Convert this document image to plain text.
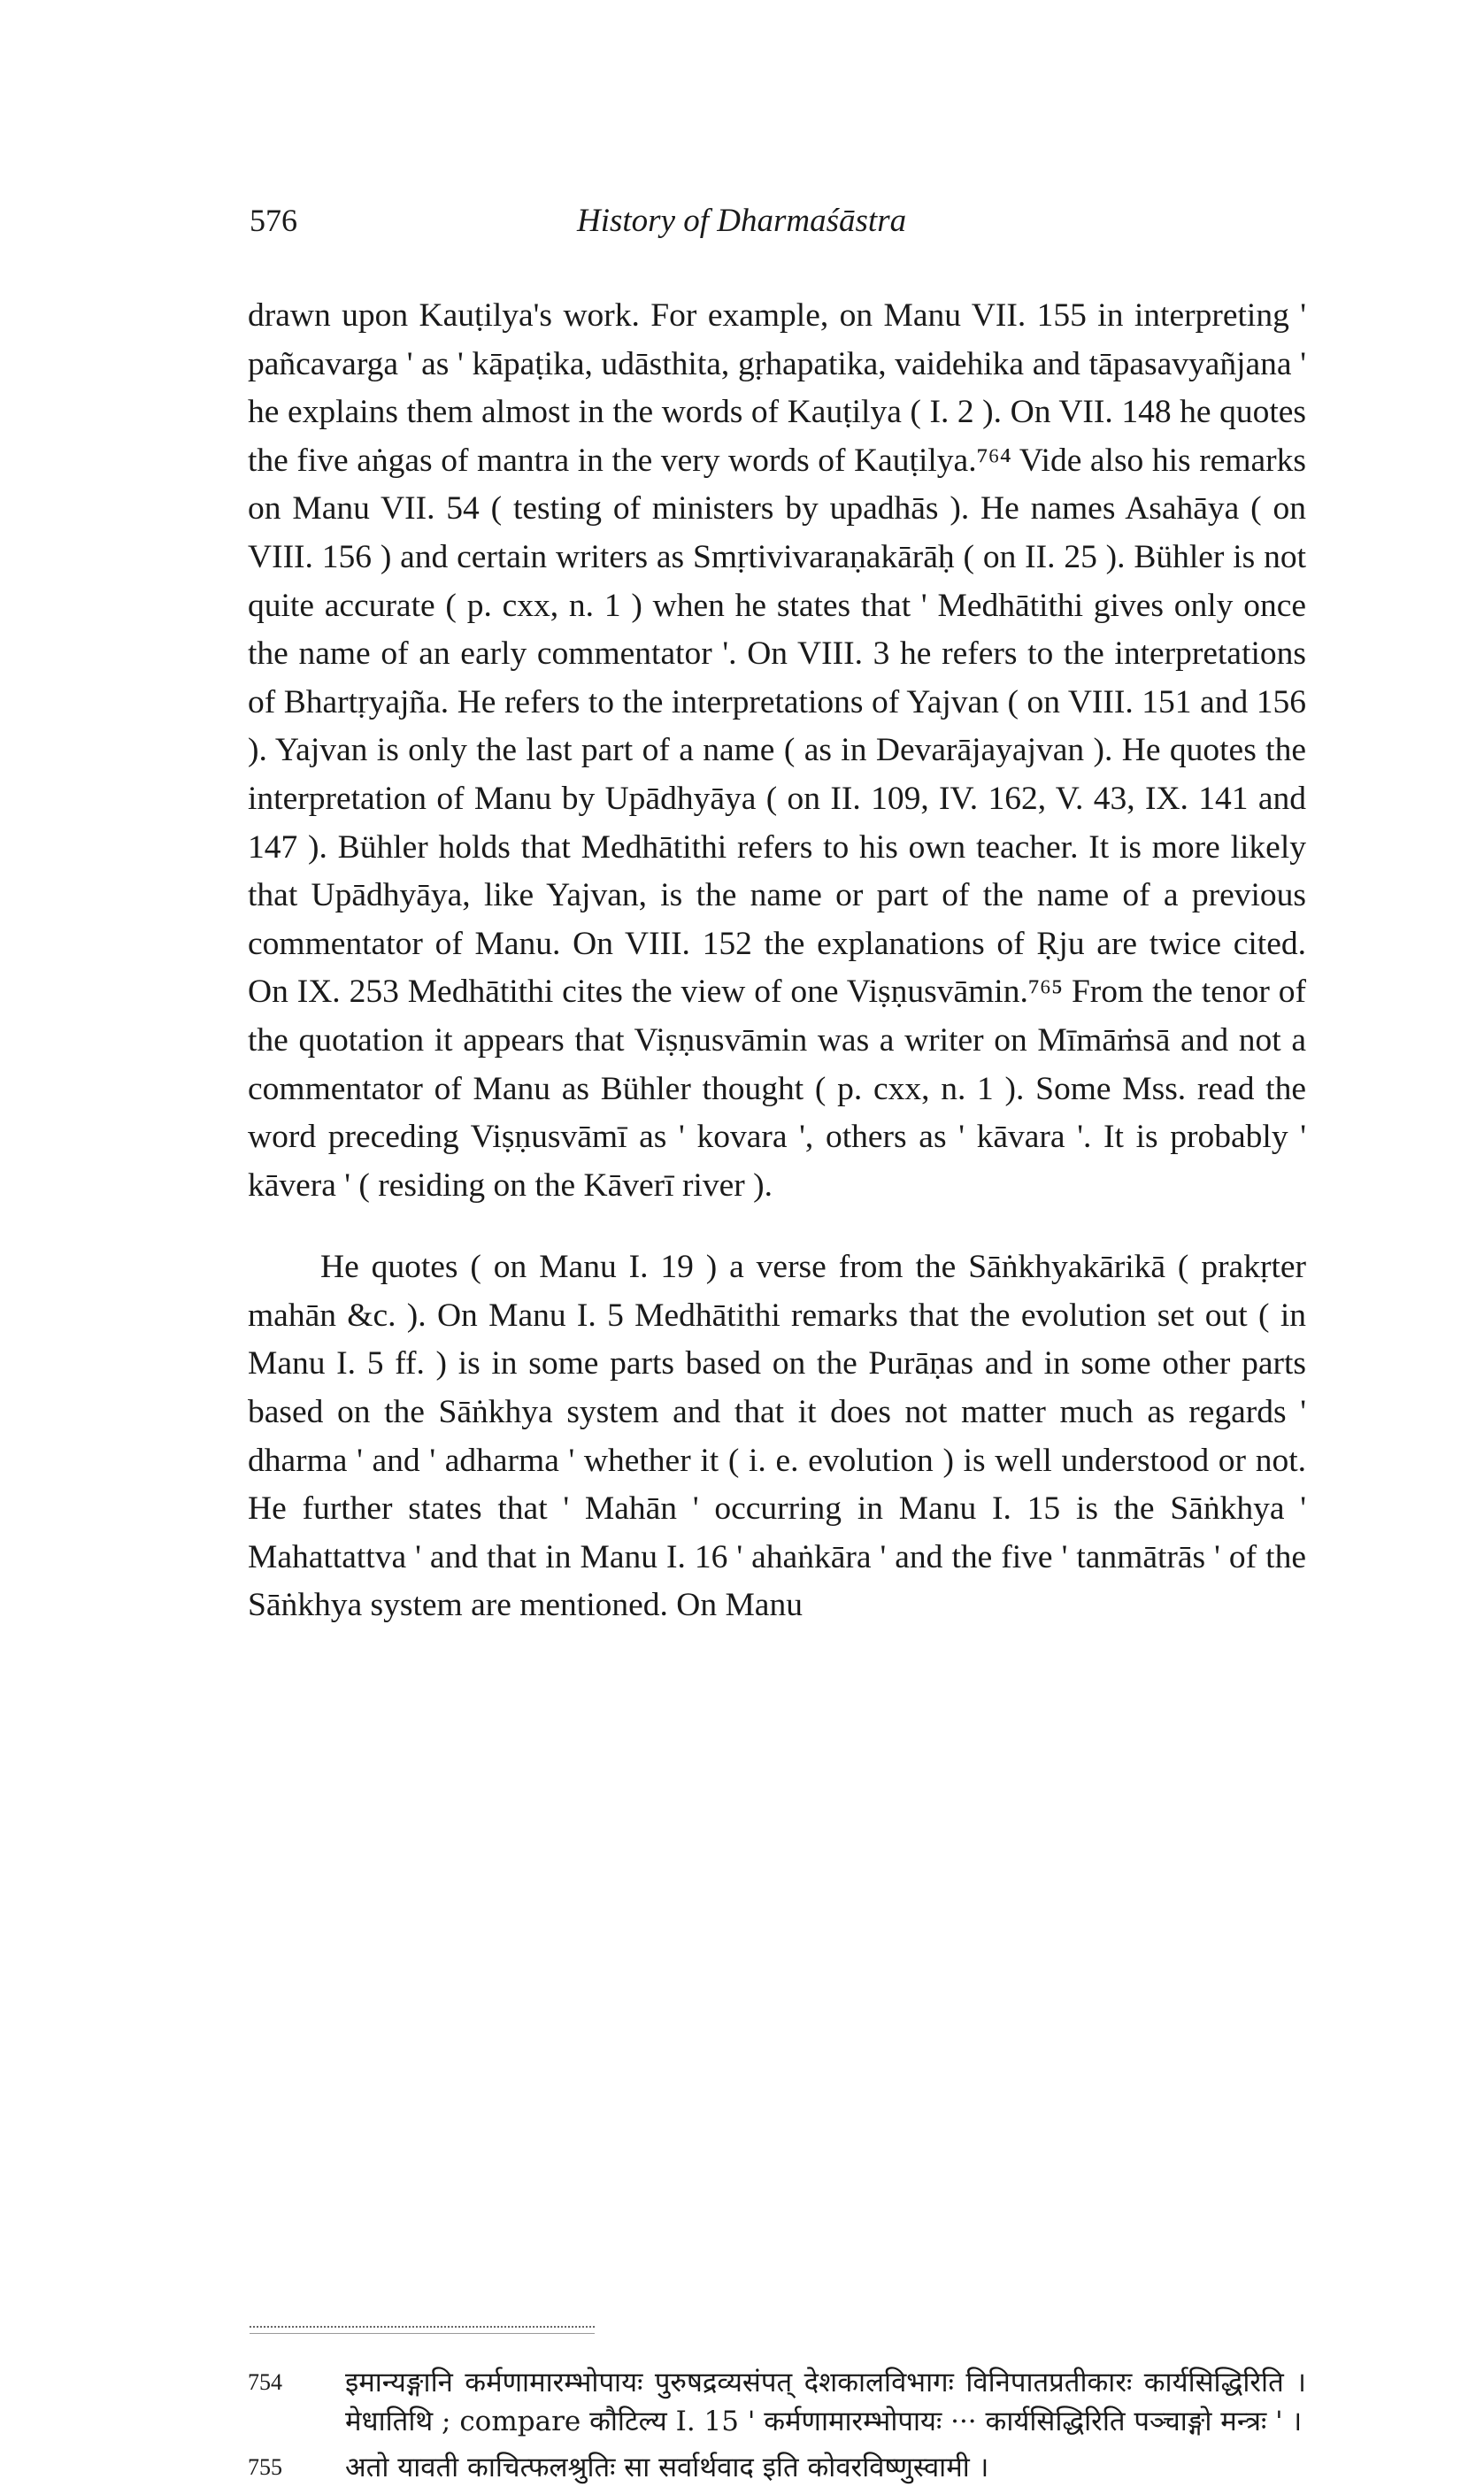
576	History of Dharmaśāstra

drawn upon Kauṭilya's work. For example, on Manu VII. 155 in interpreting ' pañcavarga ' as ' kāpaṭika, udāsthita, gṛhapatika, vaidehika and tāpasavyañjana ' he explains them almost in the words of Kauṭilya ( I. 2 ). On VII. 148 he quotes the five aṅgas of mantra in the very words of Kauṭilya.⁷⁶⁴ Vide also his remarks on Manu VII. 54 ( testing of ministers by upadhās ). He names Asahāya ( on VIII. 156 ) and certain writers as Smṛtivivaraṇakārāḥ ( on II. 25 ). Bühler is not quite accurate ( p. cxx, n. 1 ) when he states that ' Medhātithi gives only once the name of an early commentator '. On VIII. 3 he refers to the interpretations of Bhartṛyajña. He refers to the interpretations of Yajvan ( on VIII. 151 and 156 ). Yajvan is only the last part of a name ( as in Devarājayajvan ). He quotes the interpretation of Manu by Upādhyāya ( on II. 109, IV. 162, V. 43, IX. 141 and 147 ). Bühler holds that Medhātithi refers to his own teacher. It is more likely that Upādhyāya, like Yajvan, is the name or part of the name of a previous commentator of Manu. On VIII. 152 the explanations of Ṛju are twice cited. On IX. 253 Medhātithi cites the view of one Viṣṇusvāmin.⁷⁶⁵ From the tenor of the quotation it appears that Viṣṇusvāmin was a writer on Mīmāṁsā and not a commentator of Manu as Bühler thought ( p. cxx, n. 1 ). Some Mss. read the word preceding Viṣṇusvāmī as ' kovara ', others as ' kāvara '. It is probably ' kāvera ' ( residing on the Kāverī river ).

He quotes ( on Manu I. 19 ) a verse from the Sāṅkhyakārikā ( prakṛter mahān &c. ). On Manu I. 5 Medhātithi remarks that the evolution set out ( in Manu I. 5 ff. ) is in some parts based on the Purāṇas and in some other parts based on the Sāṅkhya system and that it does not matter much as regards ' dharma ' and ' adharma ' whether it ( i. e. evolution ) is well understood or not. He further states that ' Mahān ' occurring in Manu I. 15 is the Sāṅkhya ' Mahattattva ' and that in Manu I. 16 ' ahaṅkāra ' and the five ' tanmātrās ' of the Sāṅkhya system are mentioned. On Manu

754 इमान्यङ्गानि कर्मणामारम्भोपायः पुरुषद्रव्यसंपत् देशकालविभागः विनिपातप्रतीकारः कार्यसिद्धिरिति । मेधातिथि ; compare कौटिल्य I. 15 ' कर्मणामारम्भोपायः ··· कार्यसिद्धिरिति पञ्चाङ्गो मन्त्रः ' ।

755 अतो यावती काचित्फलश्रुतिः सा सर्वार्थवाद इति कोवरविष्णुस्वामी ।
